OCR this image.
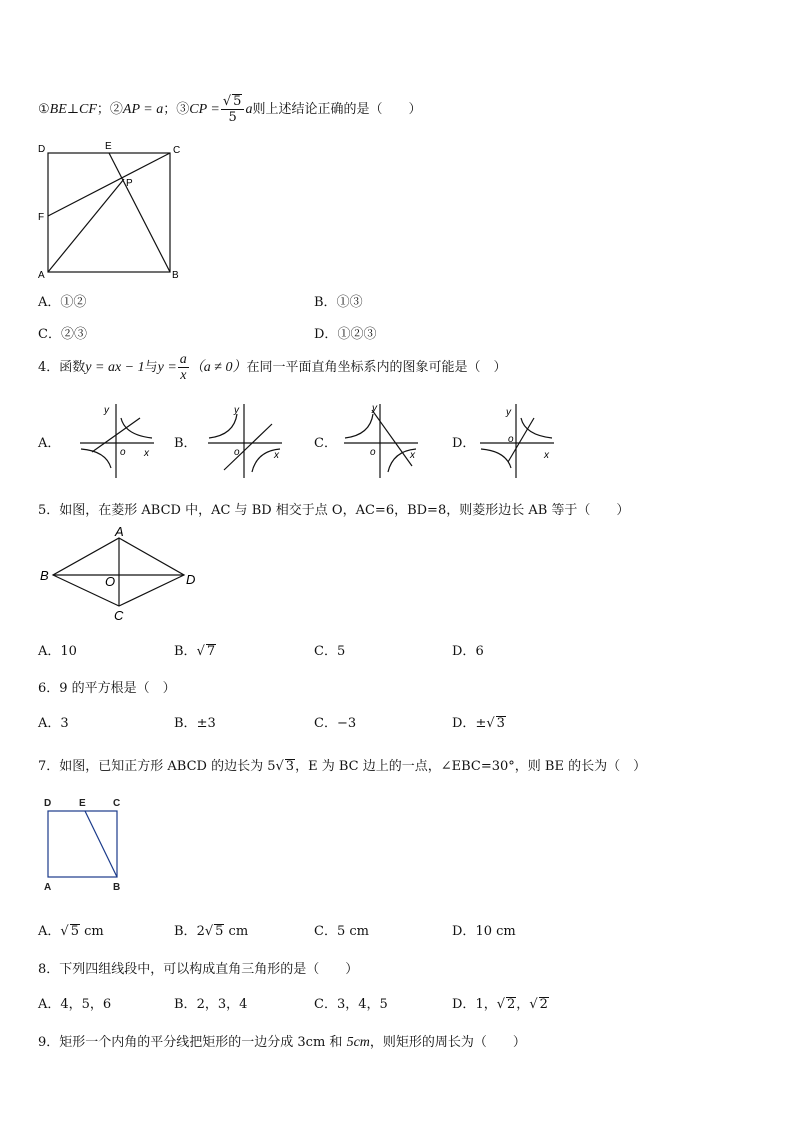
①BE⊥CF；②AP = a；③CP = $\frac{√ 5}{5}$ a则上述结论正确的是（　　）
D	E	C
P
F
A	B
A．①②	B．①③
C．②③	D．①②③
4．函数y = ax − 1与$y = \frac{a}{x} (a \ne 0)$在同一平面直角坐标系内的图象可能是（　）
A．
y
o x
B．
y
o	x
C．
y
o	x
D．
y
o
x
5．如图，在菱形 ABCD 中，AC 与 BD 相交于点 O，AC=6，BD=8，则菱形边长 AB 等于（　　）
A
B	D
C
O
A．10	B．√ 7	C．5	D．6
6．9 的平方根是（　）
A．3	B．±3	C．−3	D．±√ 3
7．如图，已知正方形 ABCD 的边长为 5√ 3，E 为 BC 边上的一点，∠EBC=30°，则 BE 的长为（　）
D	E	C
A	B
A．√ 5 cm	B．2√ 5 cm	C．5 cm	D．10 cm
8．下列四组线段中，可以构成直角三角形的是（　　）
A．4，5，6	B．2，3，4	C．3，4，5	D．1，√ 2，√ 2
9．矩形一个内角的平分线把矩形的一边分成 3cm 和 5cm，则矩形的周长为（　　）
